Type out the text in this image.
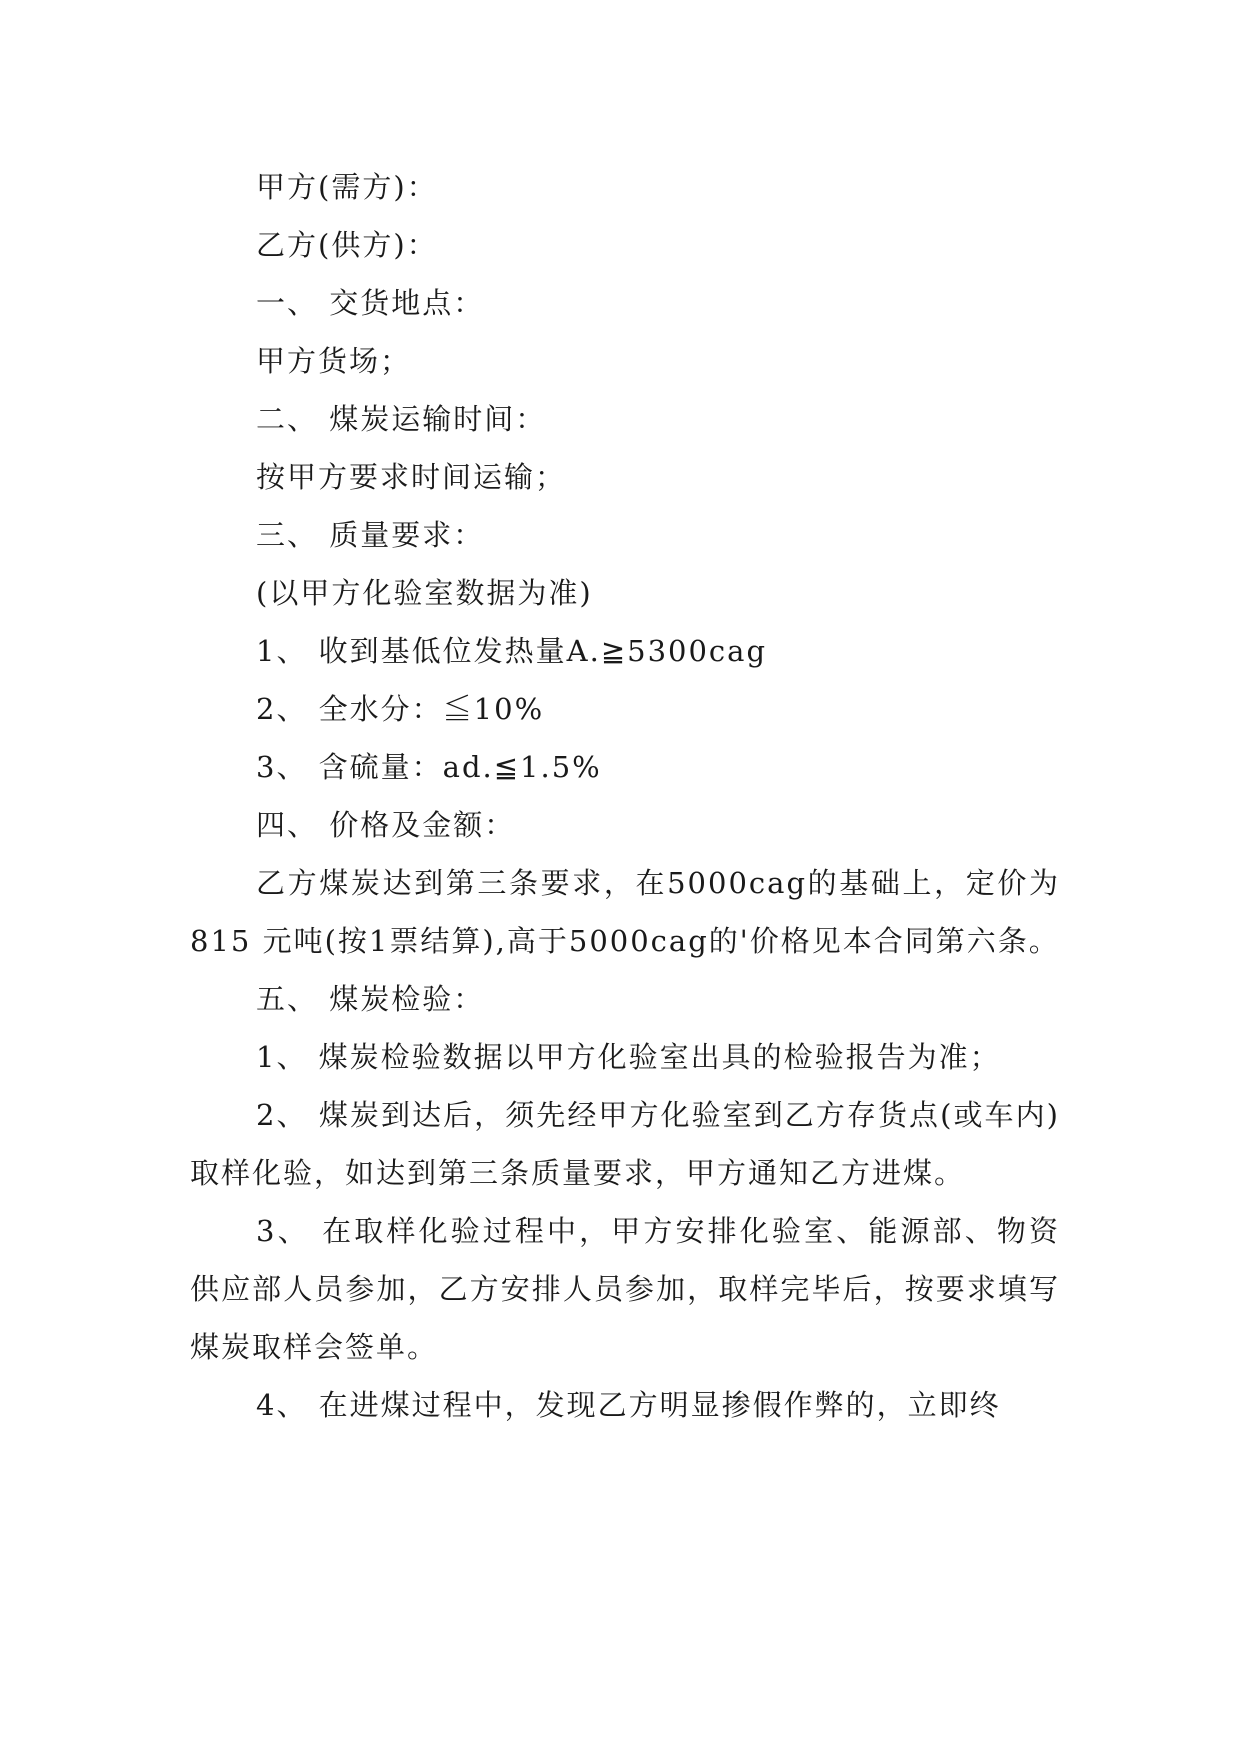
甲方(需方)：

乙方(供方)：

一、 交货地点：

甲方货场；

二、 煤炭运输时间：

按甲方要求时间运输；

三、 质量要求：

(以甲方化验室数据为准)

1、 收到基低位发热量A.≧5300cag

2、 全水分：≦10%

3、 含硫量：ad.≦1.5%

四、 价格及金额：

乙方煤炭达到第三条要求，在5000cag的基础上，定价为815 元吨(按1票结算),高于5000cag的'价格见本合同第六条。

五、 煤炭检验：

1、 煤炭检验数据以甲方化验室出具的检验报告为准；

2、 煤炭到达后，须先经甲方化验室到乙方存货点(或车内)取样化验，如达到第三条质量要求，甲方通知乙方进煤。

3、 在取样化验过程中，甲方安排化验室、能源部、物资供应部人员参加，乙方安排人员参加，取样完毕后，按要求填写煤炭取样会签单。

4、 在进煤过程中，发现乙方明显掺假作弊的，立即终
